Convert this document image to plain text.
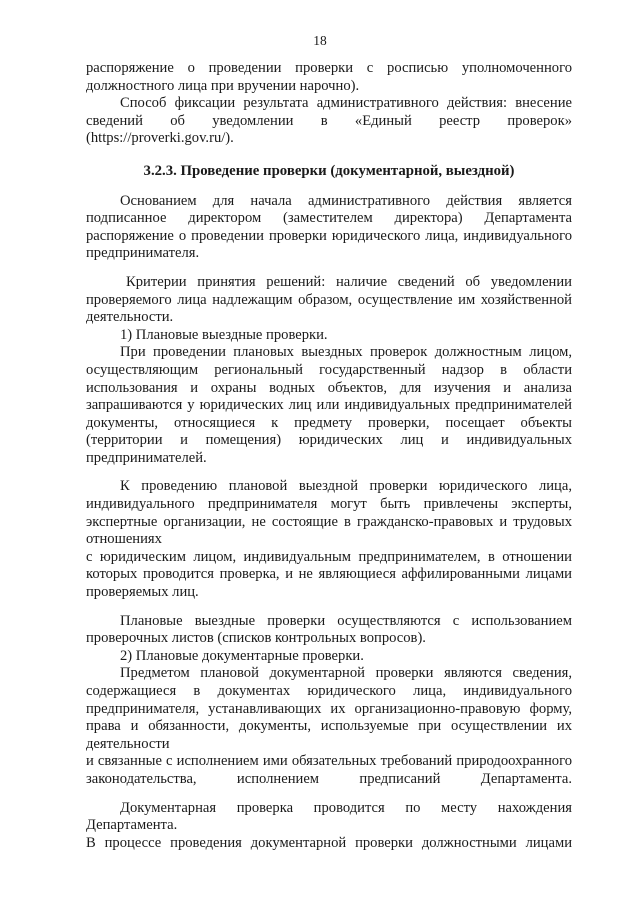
18

распоряжение о проведении проверки с росписью уполномоченного должностного лица при вручении нарочно).

Способ фиксации результата административного действия: внесение сведений об уведомлении в «Единый реестр проверок» (https://proverki.gov.ru/).

3.2.3. Проведение проверки (документарной, выездной)

Основанием для начала административного действия является подписанное директором (заместителем директора) Департамента распоряжение о проведении проверки юридического лица, индивидуального предпринимателя.

Критерии принятия решений: наличие сведений об уведомлении проверяемого лица надлежащим образом, осуществление им хозяйственной деятельности.

1) Плановые выездные проверки.

При проведении плановых выездных проверок должностным лицом, осуществляющим региональный государственный надзор в области использования и охраны водных объектов, для изучения и анализа запрашиваются у юридических лиц или индивидуальных предпринимателей документы, относящиеся к предмету проверки, посещает объекты (территории и помещения) юридических лиц и индивидуальных предпринимателей.

К проведению плановой выездной проверки юридического лица, индивидуального предпринимателя могут быть привлечены эксперты, экспертные организации, не состоящие в гражданско-правовых и трудовых отношениях

с юридическим лицом, индивидуальным предпринимателем, в отношении которых проводится проверка, и не являющиеся аффилированными лицами проверяемых лиц.

Плановые выездные проверки осуществляются с использованием проверочных листов (списков контрольных вопросов).

2) Плановые документарные проверки.

Предметом плановой документарной проверки являются сведения, содержащиеся в документах юридического лица, индивидуального предпринимателя, устанавливающих их организационно-правовую форму, права и обязанности, документы, используемые при осуществлении их деятельности

и связанные с исполнением ими обязательных требований природоохранного законодательства, исполнением предписаний Департамента.

Документарная проверка проводится по месту нахождения Департамента.

В процессе проведения документарной проверки должностными лицами
